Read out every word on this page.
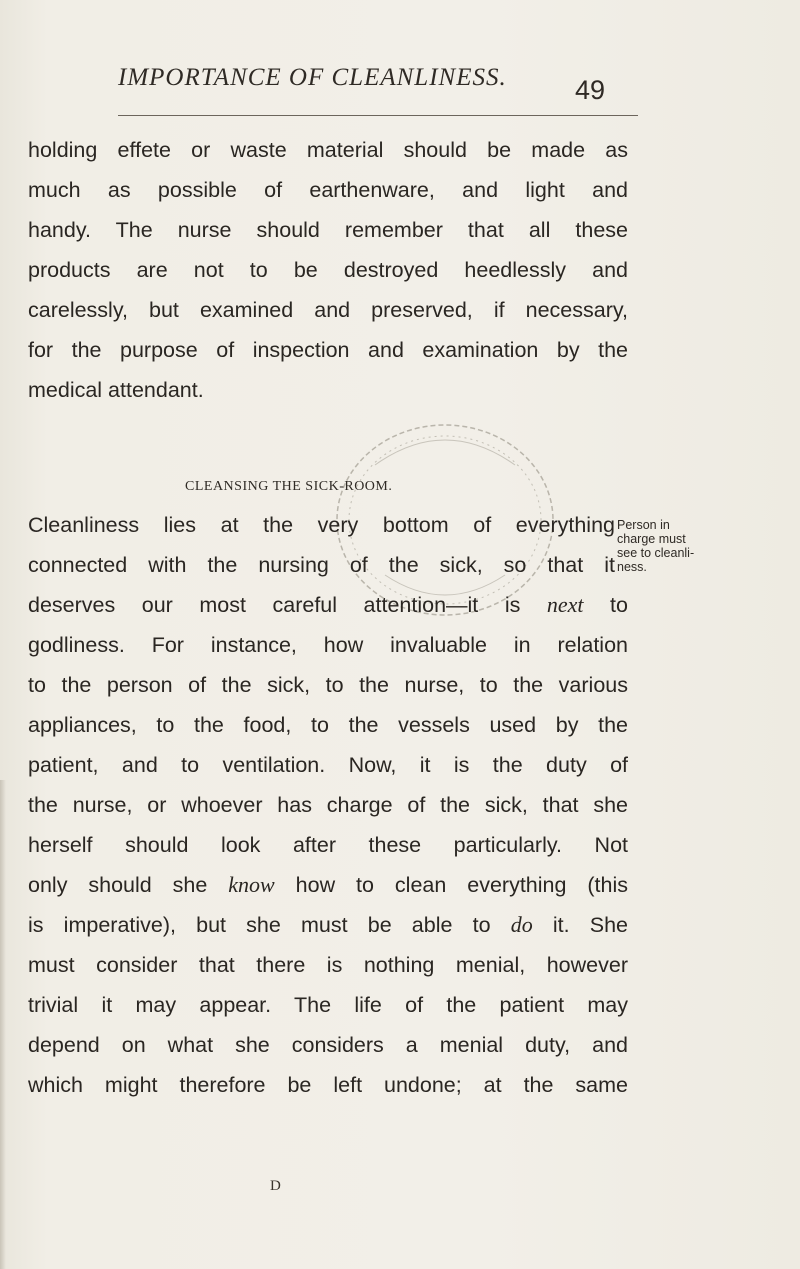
IMPORTANCE OF CLEANLINESS.	49
holding effete or waste material should be made as
much as possible of earthenware, and light and
handy. The nurse should remember that all these
products are not to be destroyed heedlessly and
carelessly, but examined and preserved, if necessary,
for the purpose of inspection and examination by the
medical attendant.
CLEANSING THE SICK-ROOM.
Cleanliness lies at the very bottom of everything
connected with the nursing of the sick, so that it
deserves our most careful attention—it is next to
godliness. For instance, how invaluable in relation
to the person of the sick, to the nurse, to the various
appliances, to the food, to the vessels used by the
patient, and to ventilation. Now, it is the duty of
the nurse, or whoever has charge of the sick, that she
herself should look after these particularly. Not
only should she know how to clean everything (this
is imperative), but she must be able to do it. She
must consider that there is nothing menial, however
trivial it may appear. The life of the patient may
depend on what she considers a menial duty, and
which might therefore be left undone; at the same
Person in
charge must
see to cleanli-
ness.
D
